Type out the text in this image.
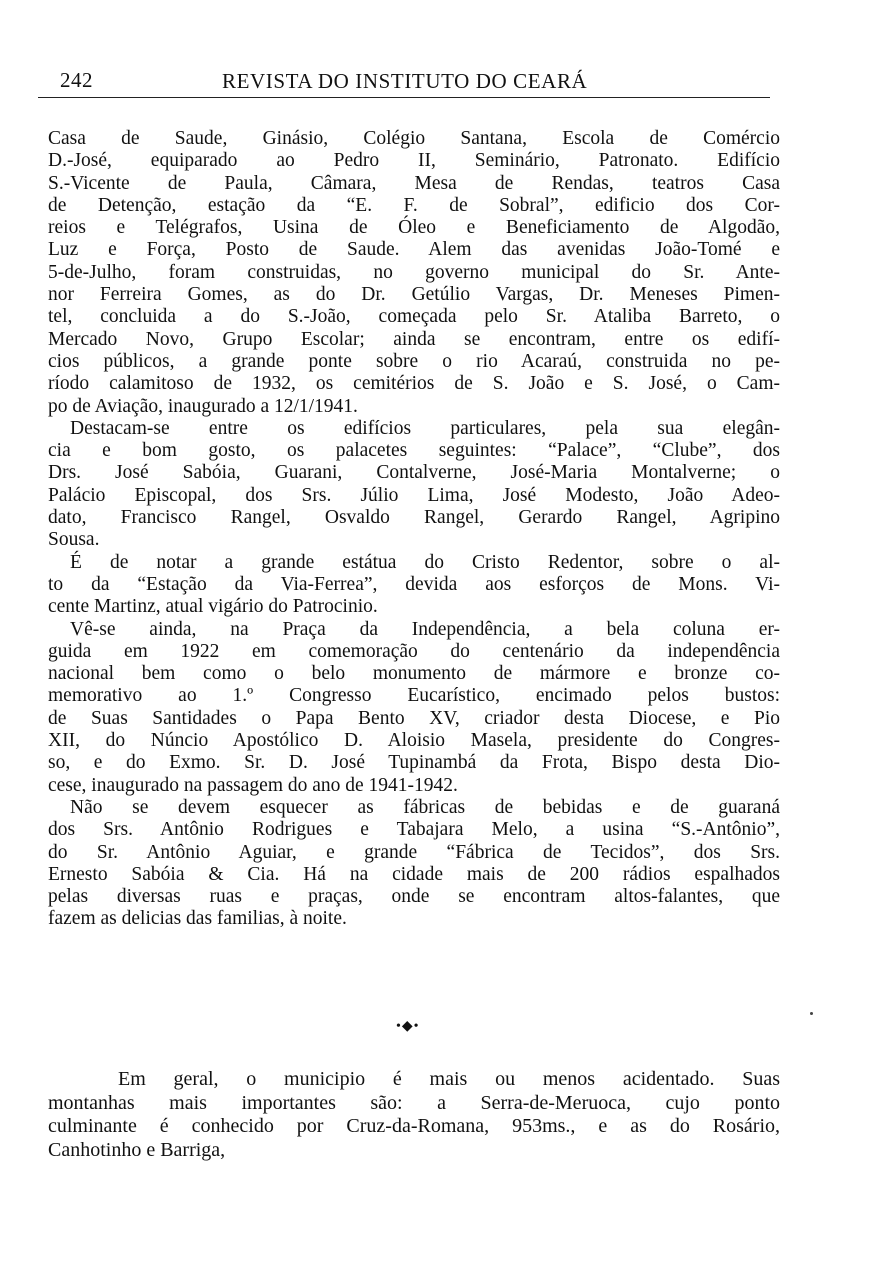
242	REVISTA DO INSTITUTO DO CEARÁ
Casa de Saude, Ginásio, Colégio Santana, Escola de Comércio
D.-José, equiparado ao Pedro II, Seminário, Patronato. Edifício
S.-Vicente de Paula, Câmara, Mesa de Rendas, teatros Casa
de Detenção, estação da “E. F. de Sobral”, edificio dos Cor-
reios e Telégrafos, Usina de Óleo e Beneficiamento de Algodão,
Luz e Força, Posto de Saude. Alem das avenidas João-Tomé e
5-de-Julho, foram construidas, no governo municipal do Sr. Ante-
nor Ferreira Gomes, as do Dr. Getúlio Vargas, Dr. Meneses Pimen-
tel, concluida a do S.-João, começada pelo Sr. Ataliba Barreto, o
Mercado Novo, Grupo Escolar; ainda se encontram, entre os edifí-
cios públicos, a grande ponte sobre o rio Acaraú, construida no pe-
ríodo calamitoso de 1932, os cemitérios de S. João e S. José, o Cam-
po de Aviação, inaugurado a 12/1/1941.
Destacam-se entre os edifícios particulares, pela sua elegân-
cia e bom gosto, os palacetes seguintes: “Palace”, “Clube”, dos
Drs. José Sabóia, Guarani, Contalverne, José-Maria Montalverne; o
Palácio Episcopal, dos Srs. Júlio Lima, José Modesto, João Adeo-
dato, Francisco Rangel, Osvaldo Rangel, Gerardo Rangel, Agripino
Sousa.
É de notar a grande estátua do Cristo Redentor, sobre o al-
to da “Estação da Via-Ferrea”, devida aos esforços de Mons. Vi-
cente Martinz, atual vigário do Patrocinio.
Vê-se ainda, na Praça da Independência, a bela coluna er-
guida em 1922 em comemoração do centenário da independência
nacional bem como o belo monumento de mármore e bronze co-
memorativo ao 1.º Congresso Eucarístico, encimado pelos bustos:
de Suas Santidades o Papa Bento XV, criador desta Diocese, e Pio
XII, do Núncio Apostólico D. Aloisio Masela, presidente do Congres-
so, e do Exmo. Sr. D. José Tupinambá da Frota, Bispo desta Dio-
cese, inaugurado na passagem do ano de 1941-1942.
Não se devem esquecer as fábricas de bebidas e de guaraná
dos Srs. Antônio Rodrigues e Tabajara Melo, a usina “S.-Antônio”,
do Sr. Antônio Aguiar, e grande “Fábrica de Tecidos”, dos Srs.
Ernesto Sabóia & Cia. Há na cidade mais de 200 rádios espalhados
pelas diversas ruas e praças, onde se encontram altos-falantes, que
fazem as delicias das familias, à noite.
•◆•
Em geral, o municipio é mais ou menos acidentado. Suas
montanhas mais importantes são: a Serra-de-Meruoca, cujo ponto
culminante é conhecido por Cruz-da-Romana, 953ms., e as do Rosário,
Canhotinho e Barriga,
